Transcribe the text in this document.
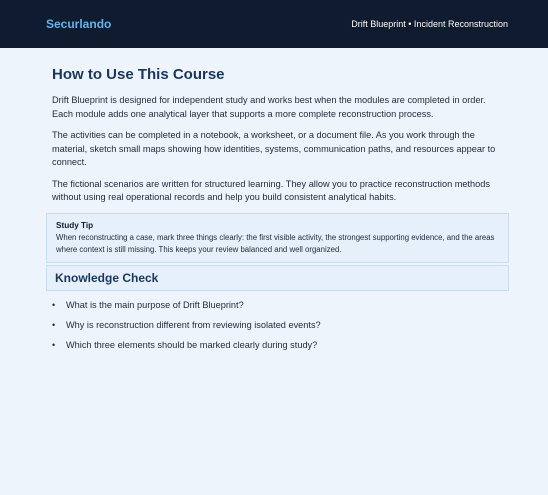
Securlando	Drift Blueprint • Incident Reconstruction
How to Use This Course

Drift Blueprint is designed for independent study and works best when the modules are completed in order. Each module adds one analytical layer that supports a more complete reconstruction process.

The activities can be completed in a notebook, a worksheet, or a document file. As you work through the material, sketch small maps showing how identities, systems, communication paths, and resources appear to connect.

The fictional scenarios are written for structured learning. They allow you to practice reconstruction methods without using real operational records and help you build consistent analytical habits.

Study Tip
When reconstructing a case, mark three things clearly: the first visible activity, the strongest supporting evidence, and the areas where context is still missing. This keeps your review balanced and well organized.
Knowledge Check
• What is the main purpose of Drift Blueprint?
• Why is reconstruction different from reviewing isolated events?
• Which three elements should be marked clearly during study?
